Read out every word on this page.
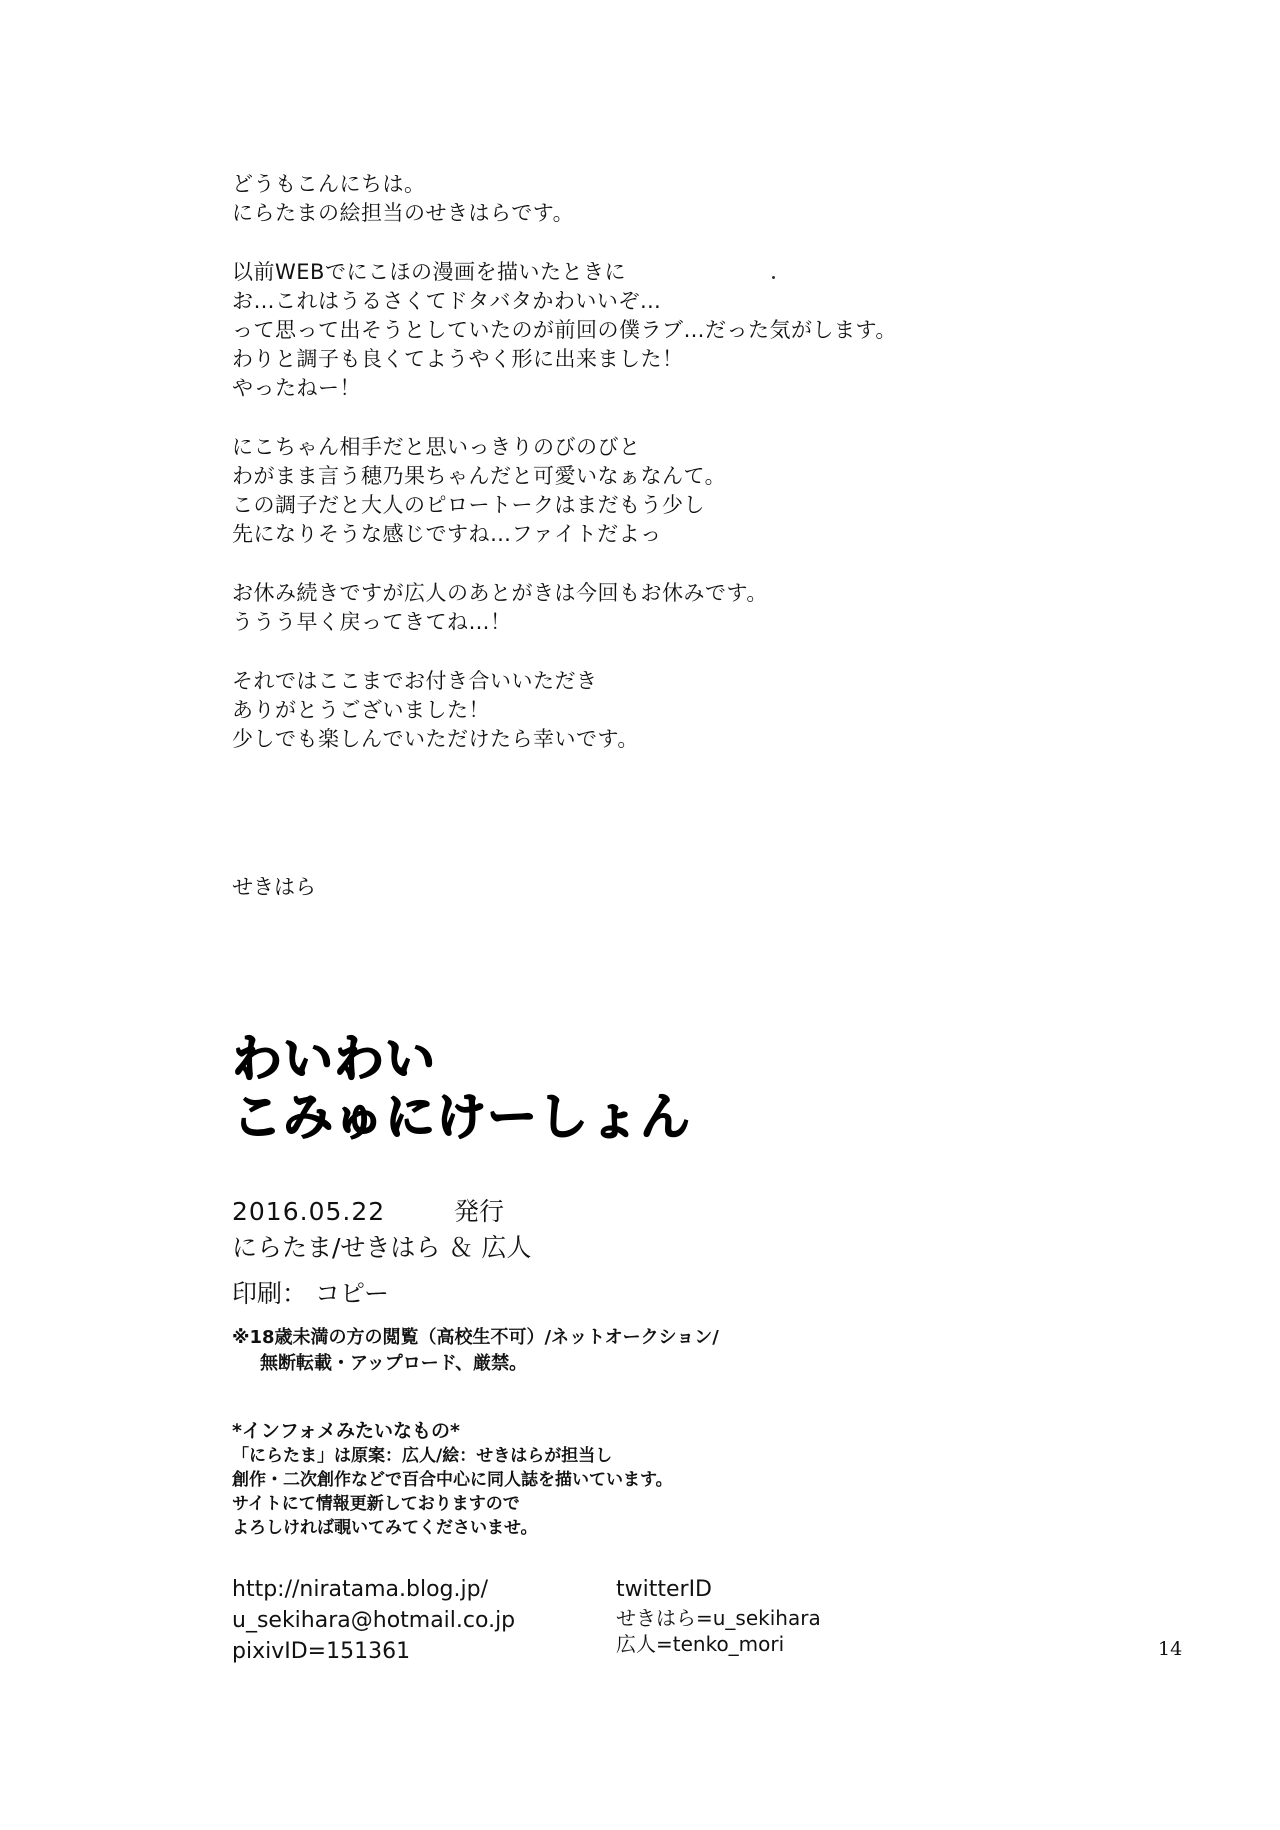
どうもこんにちは。
にらたまの絵担当のせきはらです。
以前WEBでにこほの漫画を描いたときに
お…これはうるさくてドタバタかわいいぞ…
って思って出そうとしていたのが前回の僕ラブ…だった気がします。
わりと調子も良くてようやく形に出来ました！
やったねー！
にこちゃん相手だと思いっきりのびのびと
わがまま言う穂乃果ちゃんだと可愛いなぁなんて。
この調子だと大人のピロートークはまだもう少し
先になりそうな感じですね…ファイトだよっ
お休み続きですが広人のあとがきは今回もお休みです。
ううう早く戻ってきてね…！
それではここまでお付き合いいただき
ありがとうございました！
少しでも楽しんでいただけたら幸いです。
せきはら
わいわい
こみゅにけーしょん
2016.05.22	発行
にらたま/せきはら ＆ 広人
印刷： コピー
※18歳未満の方の閲覧（高校生不可）/ネットオークション/
無断転載・アップロード、厳禁。
*インフォメみたいなもの*
「にらたま」は原案：広人/絵：せきはらが担当し
創作・二次創作などで百合中心に同人誌を描いています。
サイトにて情報更新しておりますので
よろしければ覗いてみてくださいませ。
http://niratama.blog.jp/
u_sekihara@hotmail.co.jp
pixivID=151361
twitterID
せきはら=u_sekihara
広人=tenko_mori	14
